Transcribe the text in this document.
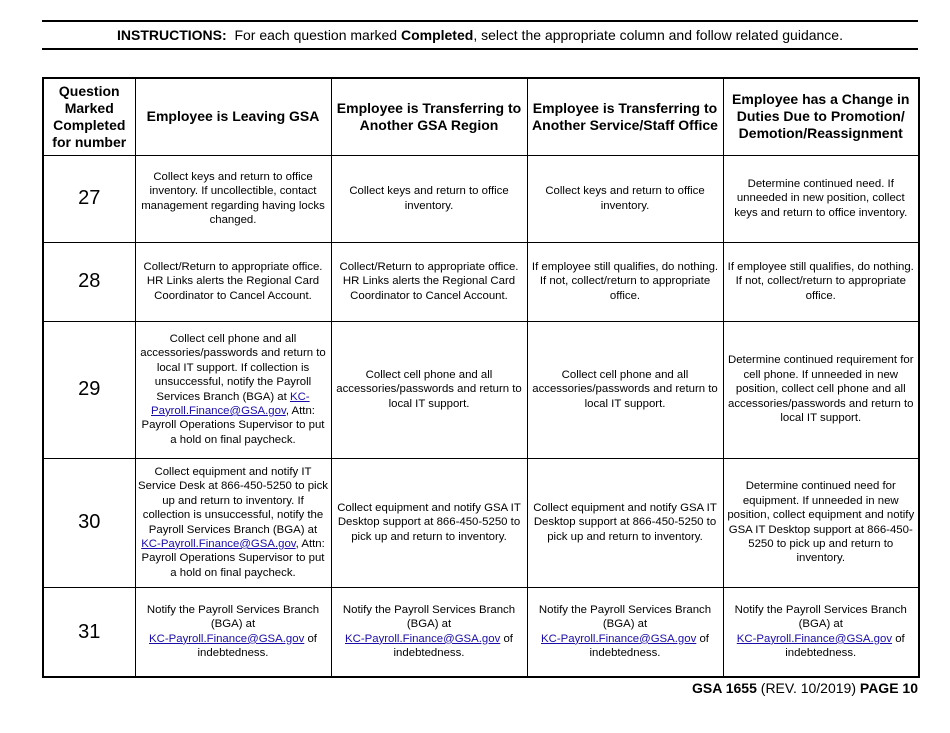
INSTRUCTIONS: For each question marked Completed, select the appropriate column and follow related guidance.
Question Marked Completed for number	Employee is Leaving GSA	Employee is Transferring to Another GSA Region	Employee is Transferring to Another Service/Staff Office	Employee has a Change in Duties Due to Promotion/ Demotion/Reassignment
27	Collect keys and return to office inventory. If uncollectible, contact management regarding having locks changed.	Collect keys and return to office inventory.	Collect keys and return to office inventory.	Determine continued need. If unneeded in new position, collect keys and return to office inventory.
28	Collect/Return to appropriate office. HR Links alerts the Regional Card Coordinator to Cancel Account.	Collect/Return to appropriate office. HR Links alerts the Regional Card Coordinator to Cancel Account.	If employee still qualifies, do nothing. If not, collect/return to appropriate office.	If employee still qualifies, do nothing. If not, collect/return to appropriate office.
29	Collect cell phone and all accessories/passwords and return to local IT support. If collection is unsuccessful, notify the Payroll Services Branch (BGA) at KC-Payroll.Finance@GSA.gov, Attn: Payroll Operations Supervisor to put a hold on final paycheck.	Collect cell phone and all accessories/passwords and return to local IT support.	Collect cell phone and all accessories/passwords and return to local IT support.	Determine continued requirement for cell phone. If unneeded in new position, collect cell phone and all accessories/passwords and return to local IT support.
30	Collect equipment and notify IT Service Desk at 866-450-5250 to pick up and return to inventory. If collection is unsuccessful, notify the Payroll Services Branch (BGA) at KC-Payroll.Finance@GSA.gov, Attn: Payroll Operations Supervisor to put a hold on final paycheck.	Collect equipment and notify GSA IT Desktop support at 866-450-5250 to pick up and return to inventory.	Collect equipment and notify GSA IT Desktop support at 866-450-5250 to pick up and return to inventory.	Determine continued need for equipment. If unneeded in new position, collect equipment and notify GSA IT Desktop support at 866-450-5250 to pick up and return to inventory.
31	Notify the Payroll Services Branch (BGA) at
KC-Payroll.Finance@GSA.gov of indebtedness.	Notify the Payroll Services Branch (BGA) at
KC-Payroll.Finance@GSA.gov of indebtedness.	Notify the Payroll Services Branch (BGA) at
KC-Payroll.Finance@GSA.gov of indebtedness.	Notify the Payroll Services Branch (BGA) at
KC-Payroll.Finance@GSA.gov of indebtedness.
GSA 1655 (REV. 10/2019) PAGE 10
